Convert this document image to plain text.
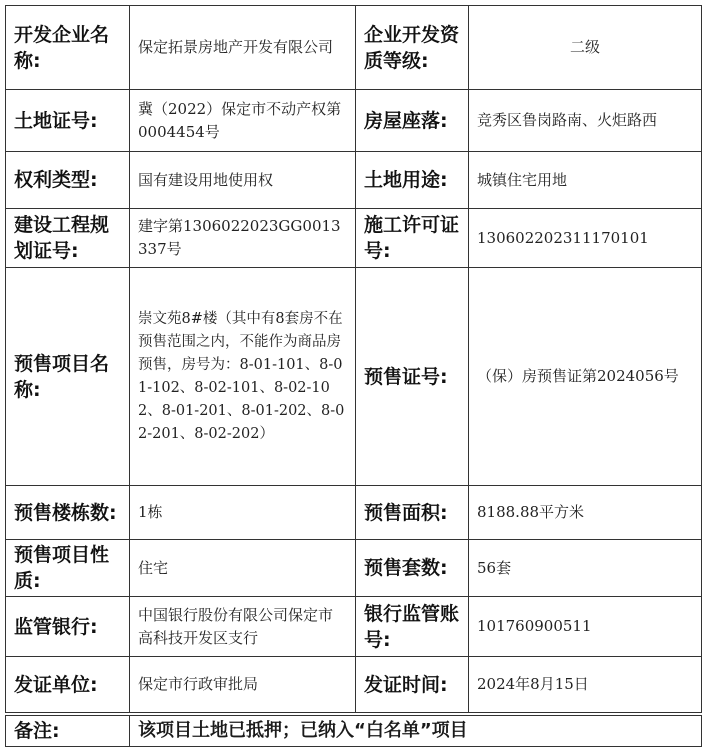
开发企业名称:	保定拓景房地产开发有限公司	企业开发资质等级:	二级
土地证号:	冀（2022）保定市不动产权第0004454号	房屋座落:	竞秀区鲁岗路南、火炬路西
权利类型:	国有建设用地使用权	土地用途:	城镇住宅用地
建设工程规划证号:	建字第1306022023GG0013337号	施工许可证号:	130602202311170101
预售项目名称:	崇文苑8#楼（其中有8套房不在预售范围之内，不能作为商品房预售，房号为：8-01-101、8-01-102、8-02-101、8-02-102、8-01-201、8-01-202、8-02-201、8-02-202）	预售证号:	（保）房预售证第2024056号
预售楼栋数:	1栋	预售面积:	8188.88平方米
预售项目性质:	住宅	预售套数:	56套
监管银行:	中国银行股份有限公司保定市高科技开发区支行	银行监管账号:	101760900511
发证单位:	保定市行政审批局	发证时间:	2024年8月15日

备注:	该项目土地已抵押；已纳入“白名单”项目		
